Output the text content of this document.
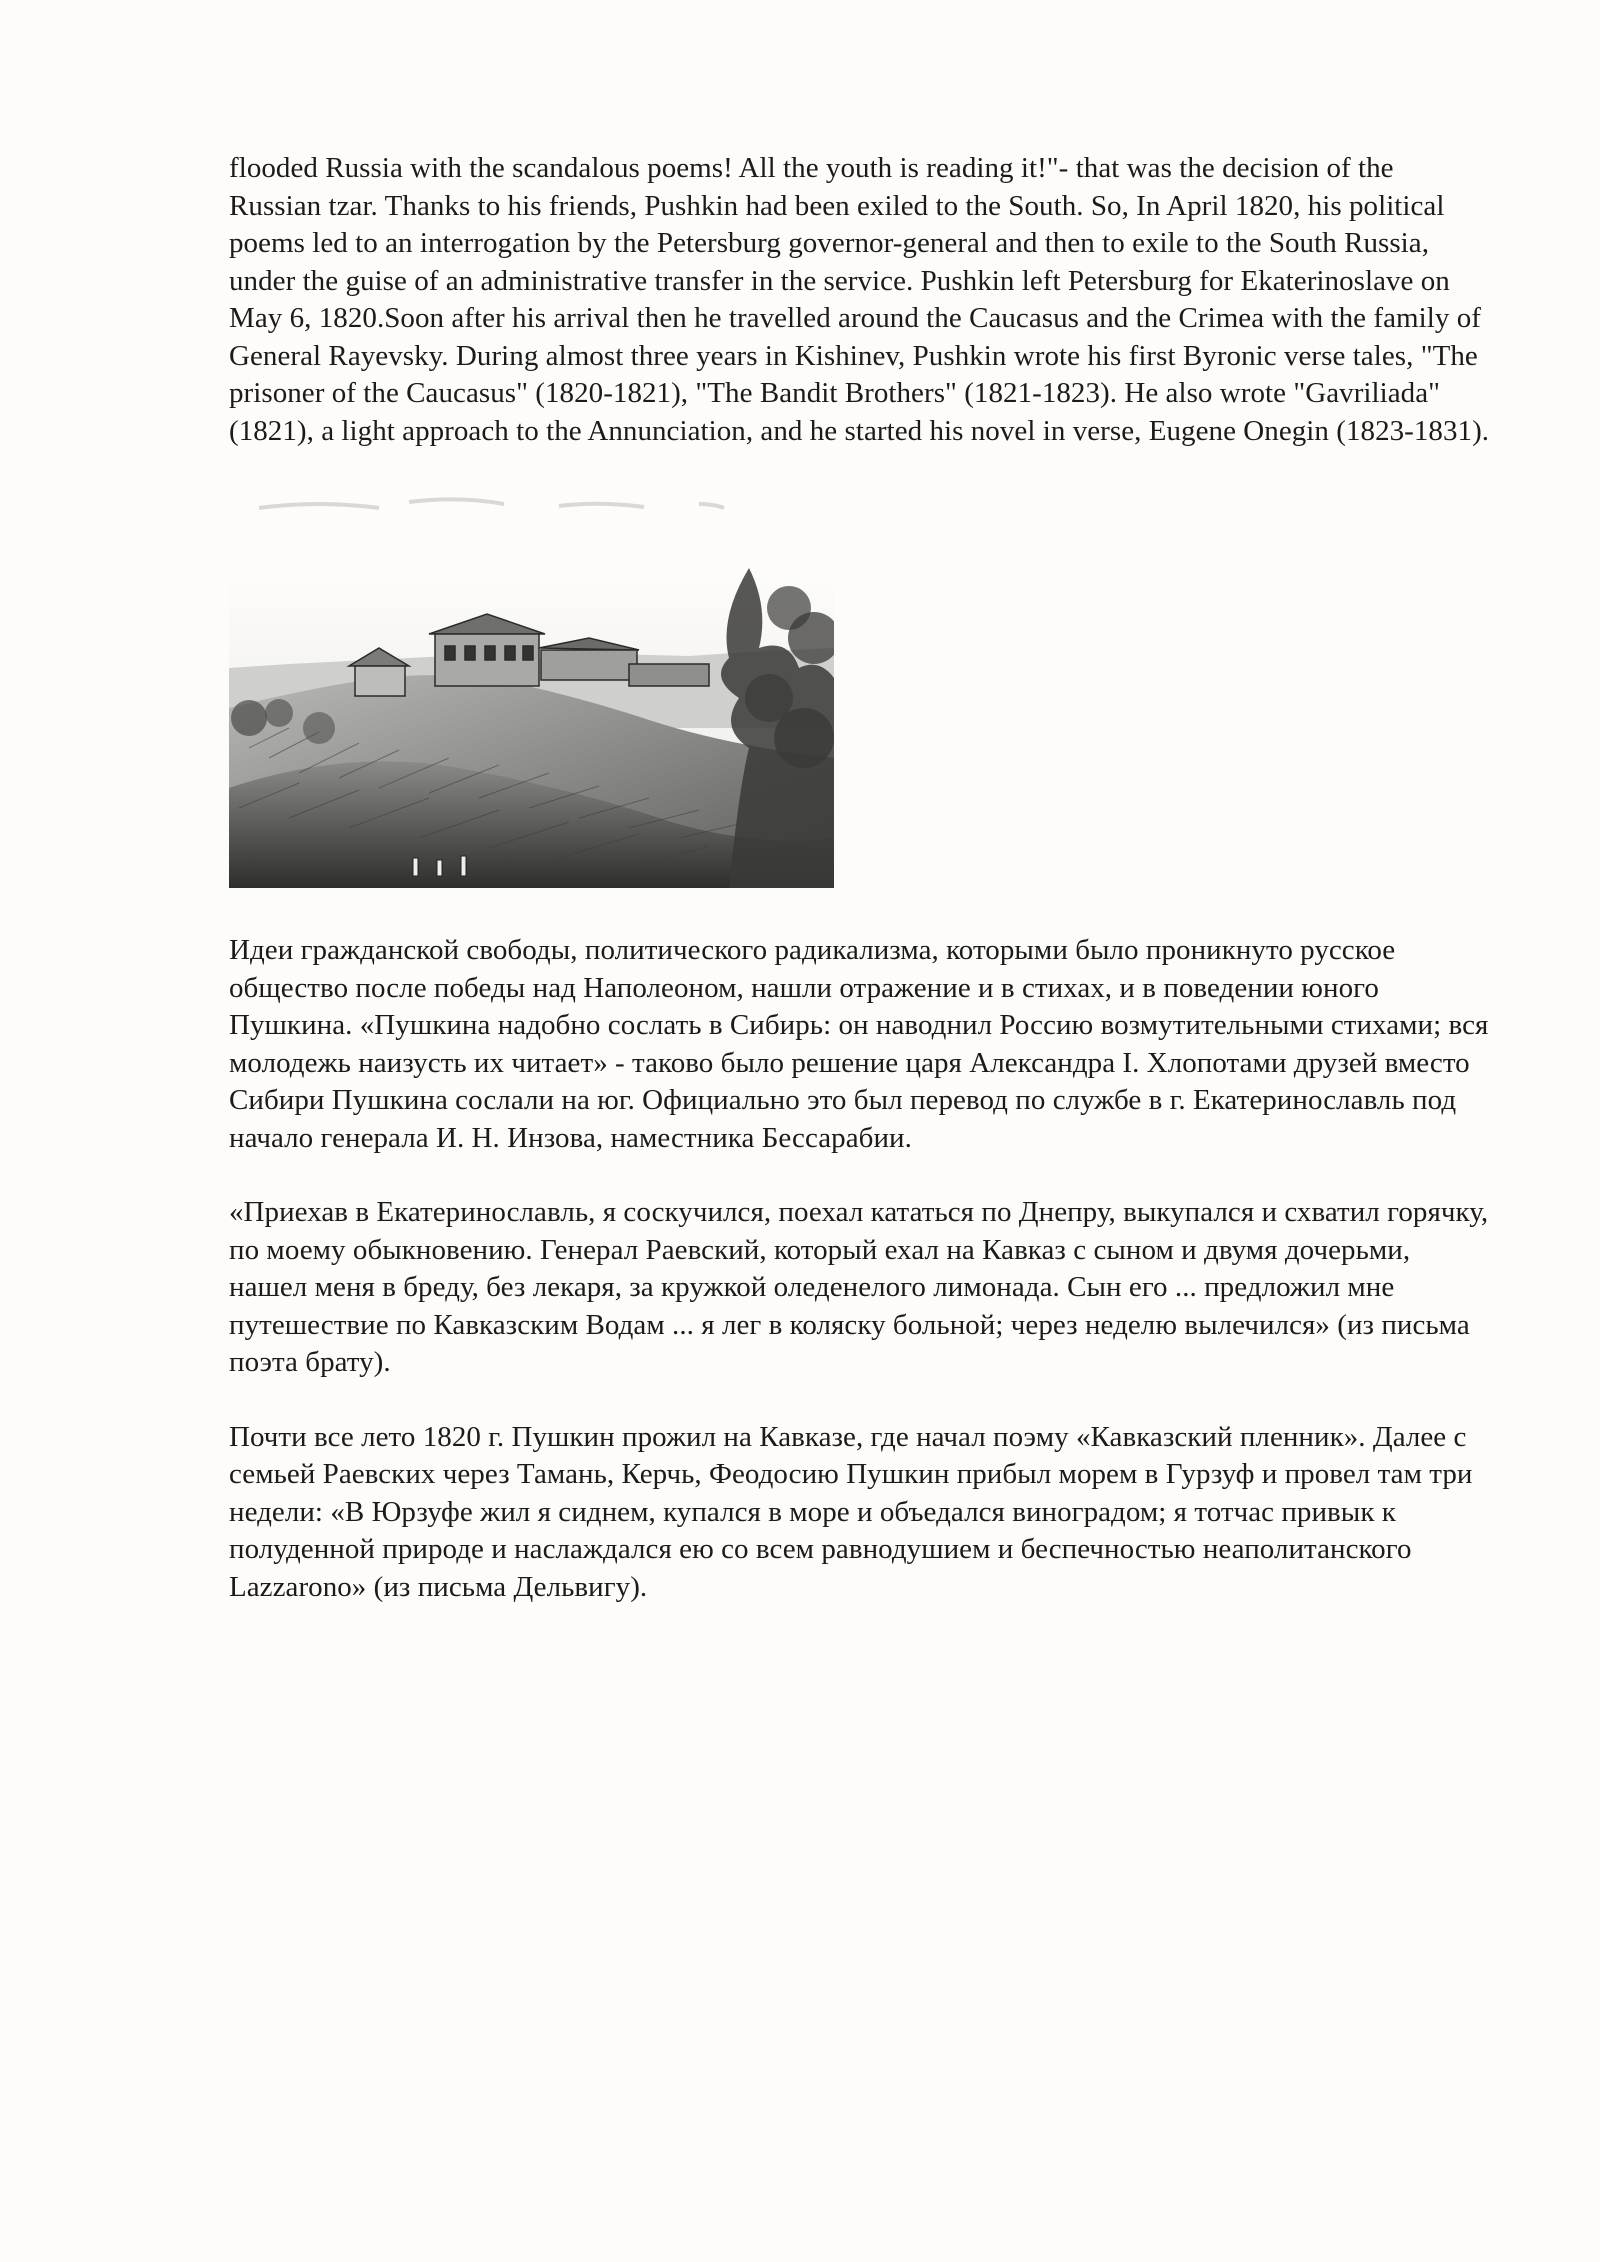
flooded Russia with the scandalous poems! All the youth is reading it!"- that was the decision of the Russian tzar. Thanks to his friends, Pushkin had been exiled to the South. So, In April 1820, his political poems led to an interrogation by the Petersburg governor-general and then to exile to the South Russia, under the guise of an administrative transfer in the service. Pushkin left Petersburg for Ekaterinoslave on May 6, 1820.Soon after his arrival then he travelled around the Caucasus and the Crimea with the family of General Rayevsky. During almost three years in Kishinev, Pushkin wrote his first Byronic verse tales, "The prisoner of the Caucasus" (1820-1821), "The Bandit Brothers" (1821-1823). He also wrote "Gavriliada" (1821), a light approach to the Annunciation, and he started his novel in verse, Eugene Onegin (1823-1831).

Идеи гражданской свободы, политического радикализма, которыми было проникнуто русское общество после победы над Наполеоном, нашли отражение и в стихах, и в поведении юного Пушкина. «Пушкина надобно сослать в Сибирь: он наводнил Россию возмутительными стихами; вся молодежь наизусть их читает» - таково было решение царя Александра I. Хлопотами друзей вместо Сибири Пушкина сослали на юг. Официально это был перевод по службе в г. Екатеринославль под начало генерала И. Н. Инзова, наместника Бессарабии.

«Приехав в Екатеринославль, я соскучился, поехал кататься по Днепру, выкупался и схватил горячку, по моему обыкновению. Генерал Раевский, который ехал на Кавказ с сыном и двумя дочерьми, нашел меня в бреду, без лекаря, за кружкой оледенелого лимонада. Сын его ... предложил мне путешествие по Кавказским Водам ... я лег в коляску больной; через неделю вылечился» (из письма поэта брату).

Почти все лето 1820 г. Пушкин прожил на Кавказе, где начал поэму «Кавказский пленник». Далее с семьей Раевских через Тамань, Керчь, Феодосию Пушкин прибыл морем в Гурзуф и провел там три недели: «В Юрзуфе жил я сиднем, купался в море и объедался виноградом; я тотчас привык к полуденной природе и наслаждался ею со всем равнодушием и беспечностью неаполитанского Lazzarono» (из письма Дельвигу).
